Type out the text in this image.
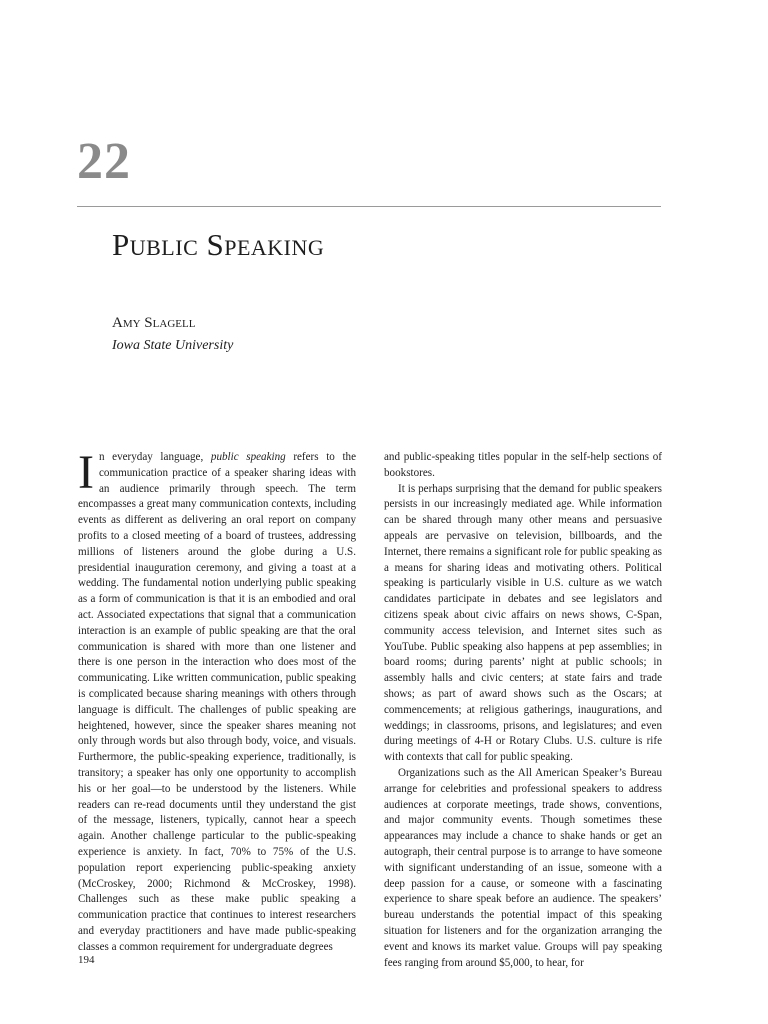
22
Public Speaking
Amy Slagell
Iowa State University

In everyday language, public speaking refers to the communication practice of a speaker sharing ideas with an audience primarily through speech. The term encompasses a great many communication contexts, including events as different as delivering an oral report on company profits to a closed meeting of a board of trustees, addressing millions of listeners around the globe during a U.S. presidential inauguration ceremony, and giving a toast at a wedding. The fundamental notion underlying public speaking as a form of communication is that it is an embodied and oral act. Associated expectations that signal that a communication interaction is an example of public speaking are that the oral communication is shared with more than one listener and there is one person in the interaction who does most of the communicating. Like written communication, public speaking is complicated because sharing meanings with others through language is difficult. The challenges of public speaking are heightened, however, since the speaker shares meaning not only through words but also through body, voice, and visuals. Furthermore, the public-speaking experience, traditionally, is transitory; a speaker has only one opportunity to accomplish his or her goal—to be understood by the listeners. While readers can re-read documents until they understand the gist of the message, listeners, typically, cannot hear a speech again. Another challenge particular to the public-speaking experience is anxiety. In fact, 70% to 75% of the U.S. population report experiencing public-speaking anxiety (McCroskey, 2000; Richmond & McCroskey, 1998). Challenges such as these make public speaking a communication practice that continues to interest researchers and everyday practitioners and have made public-speaking classes a common requirement for undergraduate degrees

and public-speaking titles popular in the self-help sections of bookstores.

It is perhaps surprising that the demand for public speakers persists in our increasingly mediated age. While information can be shared through many other means and persuasive appeals are pervasive on television, billboards, and the Internet, there remains a significant role for public speaking as a means for sharing ideas and motivating others. Political speaking is particularly visible in U.S. culture as we watch candidates participate in debates and see legislators and citizens speak about civic affairs on news shows, C-Span, community access television, and Internet sites such as YouTube. Public speaking also happens at pep assemblies; in board rooms; during parents’ night at public schools; in assembly halls and civic centers; at state fairs and trade shows; as part of award shows such as the Oscars; at commencements; at religious gatherings, inaugurations, and weddings; in classrooms, prisons, and legislatures; and even during meetings of 4-H or Rotary Clubs. U.S. culture is rife with contexts that call for public speaking.

Organizations such as the All American Speaker’s Bureau arrange for celebrities and professional speakers to address audiences at corporate meetings, trade shows, conventions, and major community events. Though sometimes these appearances may include a chance to shake hands or get an autograph, their central purpose is to arrange to have someone with significant understanding of an issue, someone with a deep passion for a cause, or someone with a fascinating experience to share speak before an audience. The speakers’ bureau understands the potential impact of this speaking situation for listeners and for the organization arranging the event and knows its market value. Groups will pay speaking fees ranging from around $5,000, to hear, for

194
